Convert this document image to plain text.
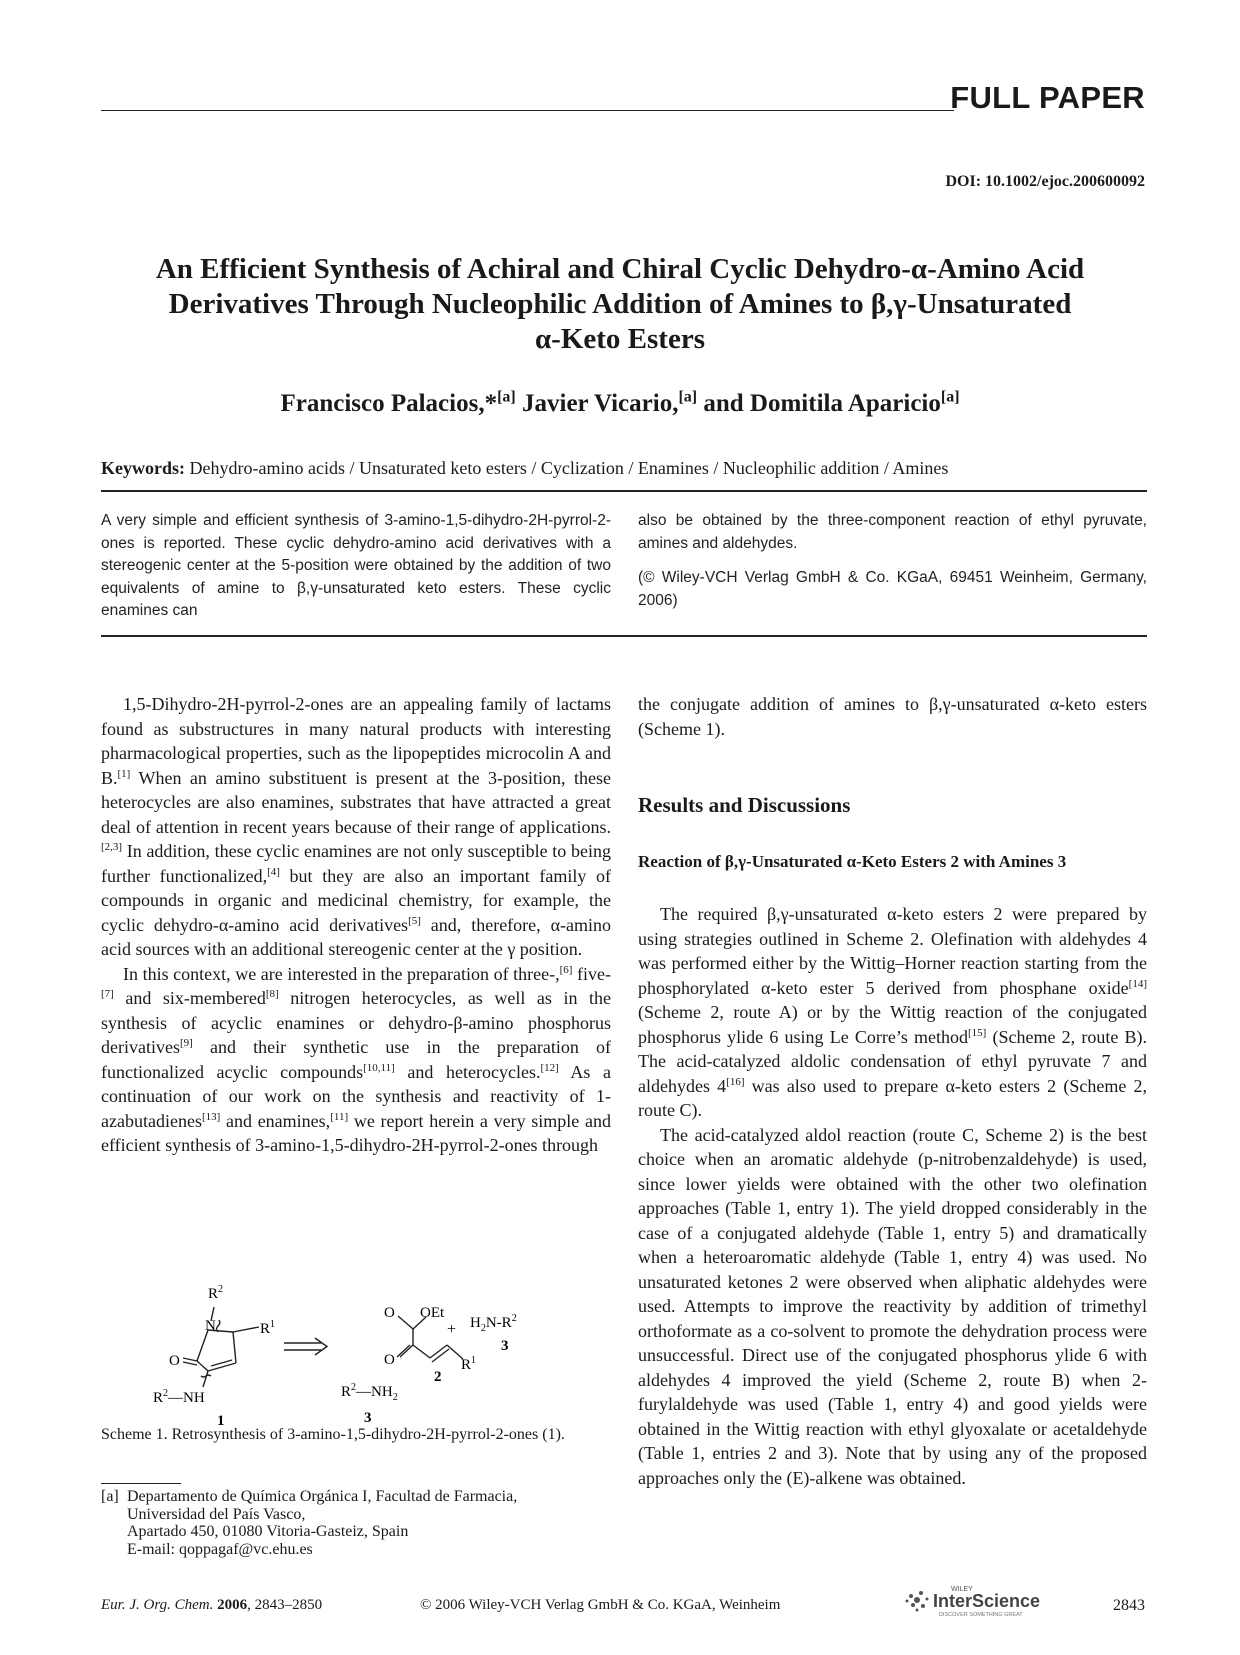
FULL PAPER
DOI: 10.1002/ejoc.200600092
An Efficient Synthesis of Achiral and Chiral Cyclic Dehydro-α-Amino Acid
Derivatives Through Nucleophilic Addition of Amines to β,γ-Unsaturated
α-Keto Esters
Francisco Palacios,*[a] Javier Vicario,[a] and Domitila Aparicio[a]
Keywords: Dehydro-amino acids / Unsaturated keto esters / Cyclization / Enamines / Nucleophilic addition / Amines

A very simple and efficient synthesis of 3-amino-1,5-dihydro-2H-pyrrol-2-ones is reported. These cyclic dehydro-amino acid derivatives with a stereogenic center at the 5-position were obtained by the addition of two equivalents of amine to β,γ-unsaturated keto esters. These cyclic enamines can

also be obtained by the three-component reaction of ethyl pyruvate, amines and aldehydes.

(© Wiley-VCH Verlag GmbH & Co. KGaA, 69451 Weinheim, Germany, 2006)

1,5-Dihydro-2H-pyrrol-2-ones are an appealing family of lactams found as substructures in many natural products with interesting pharmacological properties, such as the lipopeptides microcolin A and B.[1] When an amino substituent is present at the 3-position, these heterocycles are also enamines, substrates that have attracted a great deal of attention in recent years because of their range of applications.[2,3] In addition, these cyclic enamines are not only susceptible to being further functionalized,[4] but they are also an important family of compounds in organic and medicinal chemistry, for example, the cyclic dehydro-α-amino acid derivatives[5] and, therefore, α-amino acid sources with an additional stereogenic center at the γ position.

In this context, we are interested in the preparation of three-,[6] five-[7] and six-membered[8] nitrogen heterocycles, as well as in the synthesis of acyclic enamines or dehydro-β-amino phosphorus derivatives[9] and their synthetic use in the preparation of functionalized acyclic compounds[10,11] and heterocycles.[12] As a continuation of our work on the synthesis and reactivity of 1-azabutadienes[13] and enamines,[11] we report herein a very simple and efficient synthesis of 3-amino-1,5-dihydro-2H-pyrrol-2-ones through

$R^2$
N
O
$R^1$
$R^2—NH$
1
O OEt
+ $H_2N-R^2$
3
O	$R^1$
2
$R^2—NH_2$
3
Scheme 1. Retrosynthesis of 3-amino-1,5-dihydro-2H-pyrrol-2-ones (1).
[a] Departamento de Química Orgánica I, Facultad de Farmacia,
Universidad del País Vasco,
Apartado 450, 01080 Vitoria-Gasteiz, Spain
E-mail: qoppagaf@vc.ehu.es

the conjugate addition of amines to β,γ-unsaturated α-keto esters (Scheme 1).

Results and Discussions
Reaction of β,γ-Unsaturated α-Keto Esters 2 with Amines 3

The required β,γ-unsaturated α-keto esters 2 were prepared by using strategies outlined in Scheme 2. Olefination with aldehydes 4 was performed either by the Wittig–Horner reaction starting from the phosphorylated α-keto ester 5 derived from phosphane oxide[14] (Scheme 2, route A) or by the Wittig reaction of the conjugated phosphorus ylide 6 using Le Corre’s method[15] (Scheme 2, route B). The acid-catalyzed aldolic condensation of ethyl pyruvate 7 and aldehydes 4[16] was also used to prepare α-keto esters 2 (Scheme 2, route C).

The acid-catalyzed aldol reaction (route C, Scheme 2) is the best choice when an aromatic aldehyde (p-nitrobenzaldehyde) is used, since lower yields were obtained with the other two olefination approaches (Table 1, entry 1). The yield dropped considerably in the case of a conjugated aldehyde (Table 1, entry 5) and dramatically when a heteroaromatic aldehyde (Table 1, entry 4) was used. No unsaturated ketones 2 were observed when aliphatic aldehydes were used. Attempts to improve the reactivity by addition of trimethyl orthoformate as a co-solvent to promote the dehydration process were unsuccessful. Direct use of the conjugated phosphorus ylide 6 with aldehydes 4 improved the yield (Scheme 2, route B) when 2-furylaldehyde was used (Table 1, entry 4) and good yields were obtained in the Wittig reaction with ethyl glyoxalate or acetaldehyde (Table 1, entries 2 and 3). Note that by using any of the proposed approaches only the (E)-alkene was obtained.

Eur. J. Org. Chem. 2006, 2843–2850	© 2006 Wiley-VCH Verlag GmbH & Co. KGaA, Weinheim
WILEY
InterScience
DISCOVER SOMETHING GREAT
2843
